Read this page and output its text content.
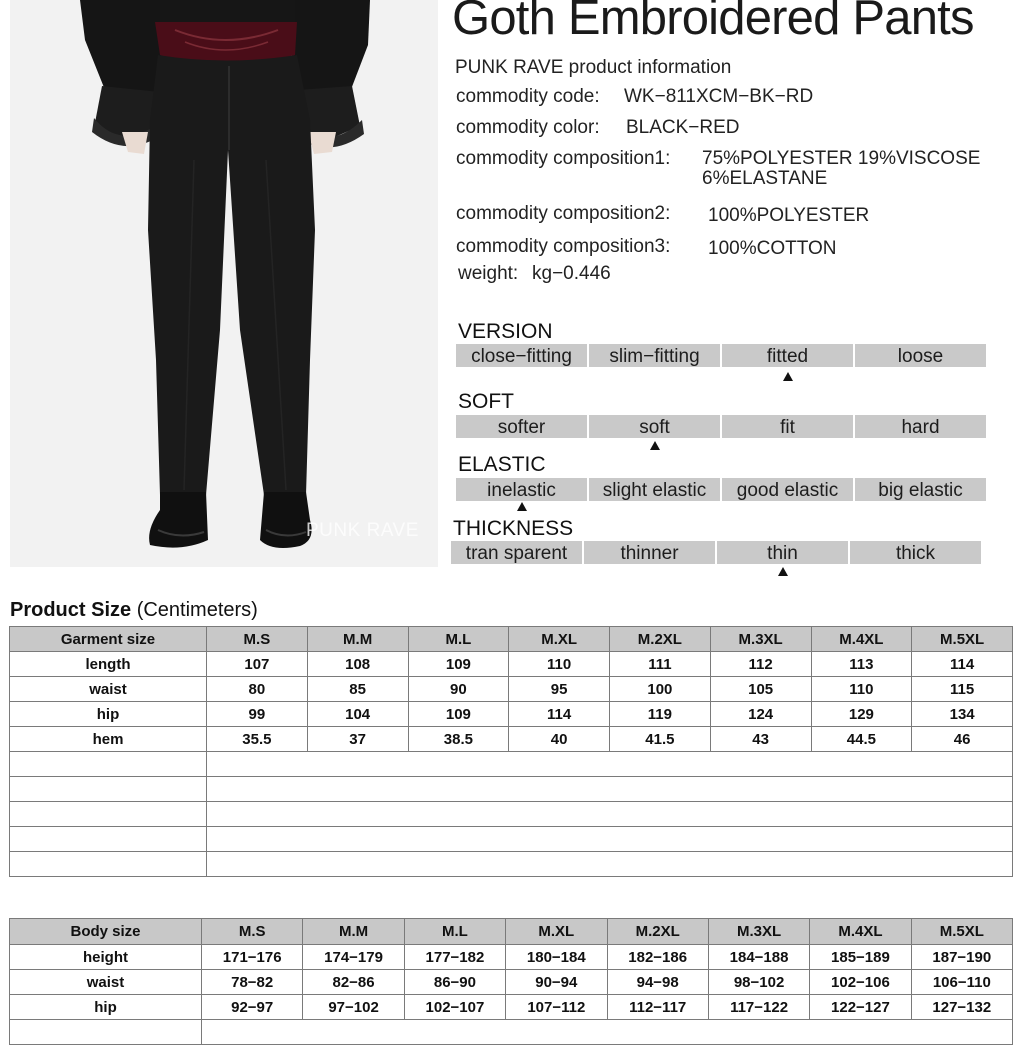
PUNK RAVE
Goth Embroidered Pants
PUNK RAVE product information
commodity code: WK−811XCM−BK−RD
commodity color: BLACK−RED
commodity composition1: 75%POLYESTER 19%VISCOSE
6%ELASTANE
commodity composition2: 100%POLYESTER
commodity composition3: 100%COTTON
weight: kg−0.446
VERSION
close−fitting	slim−fitting	fitted	loose
SOFT
softer	soft	fit	hard
ELASTIC
inelastic	slight elastic	good elastic	big elastic
THICKNESS
tran sparent	thinner	thin	thick
Product Size (Centimeters)
Garment size	M.S	M.M	M.L	M.XL	M.2XL	M.3XL	M.4XL	M.5XL
length	107	108	109	110	111	112	113	114
waist	80	85	90	95	100	105	110	115
hip	99	104	109	114	119	124	129	134
hem	35.5	37	38.5	40	41.5	43	44.5	46

Body size	M.S	M.M	M.L	M.XL	M.2XL	M.3XL	M.4XL	M.5XL
height	171−176	174−179	177−182	180−184	182−186	184−188	185−189	187−190
waist	78−82	82−86	86−90	90−94	94−98	98−102	102−106	106−110
hip	92−97	97−102	102−107	107−112	112−117	117−122	122−127	127−132
